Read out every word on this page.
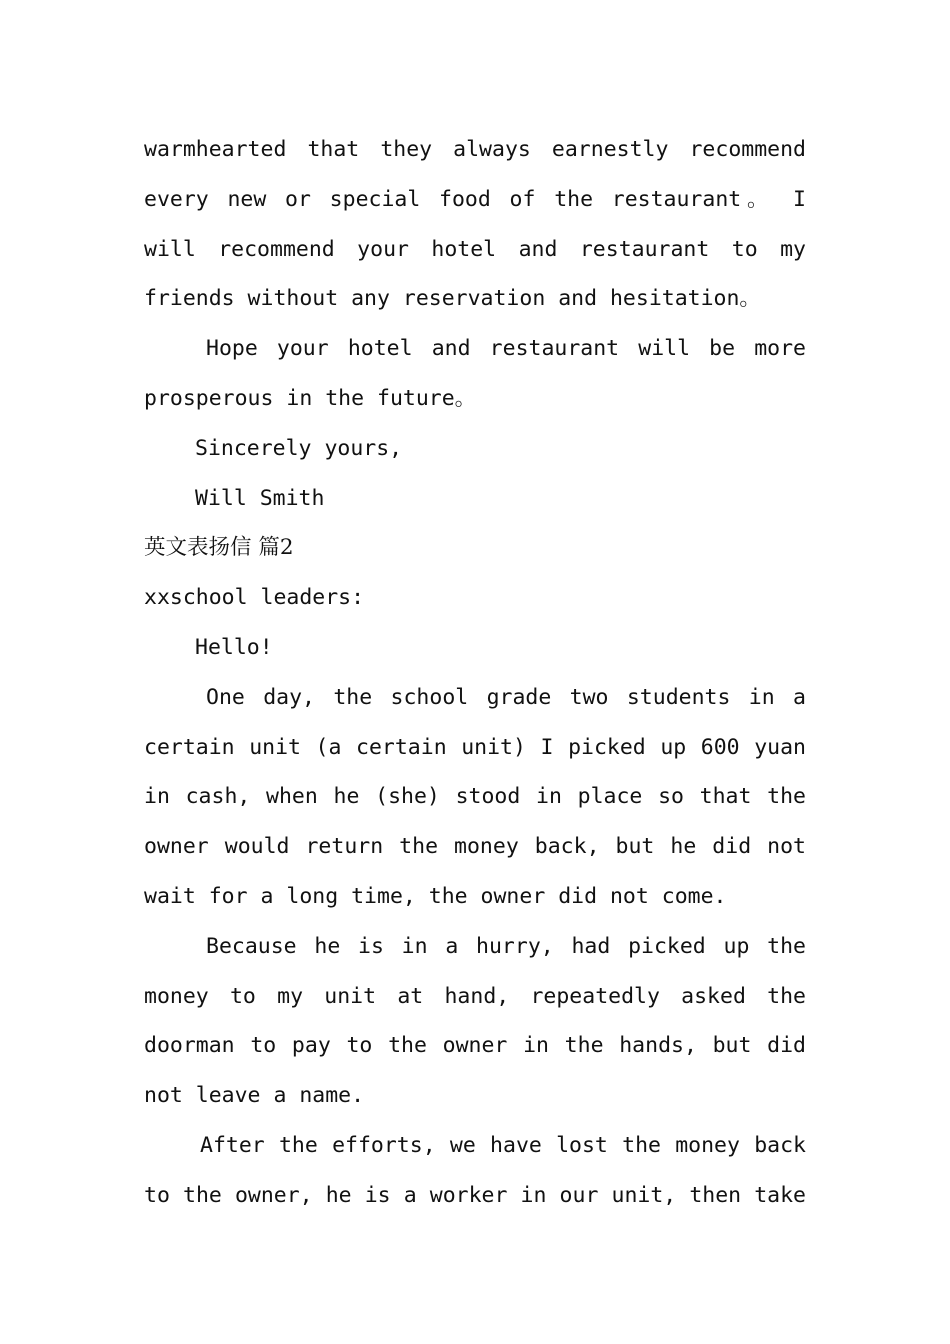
warmhearted that they always earnestly recommend
every new or special food of the restaurant。 I
will recommend your hotel and restaurant to my
friends without any reservation and hesitation。
Hope your hotel and restaurant will be more
prosperous in the future。
Sincerely yours,
Will Smith
英文表扬信 篇2
xxschool leaders:
Hello!
One day, the school grade two students in a
certain unit (a certain unit) I picked up 600 yuan
in cash, when he (she) stood in place so that the
owner would return the money back, but he did not
wait for a long time, the owner did not come.
Because he is in a hurry, had picked up the
money to my unit at hand, repeatedly asked the
doorman to pay to the owner in the hands, but did
not leave a name.
After the efforts, we have lost the money back
to the owner, he is a worker in our unit, then take
